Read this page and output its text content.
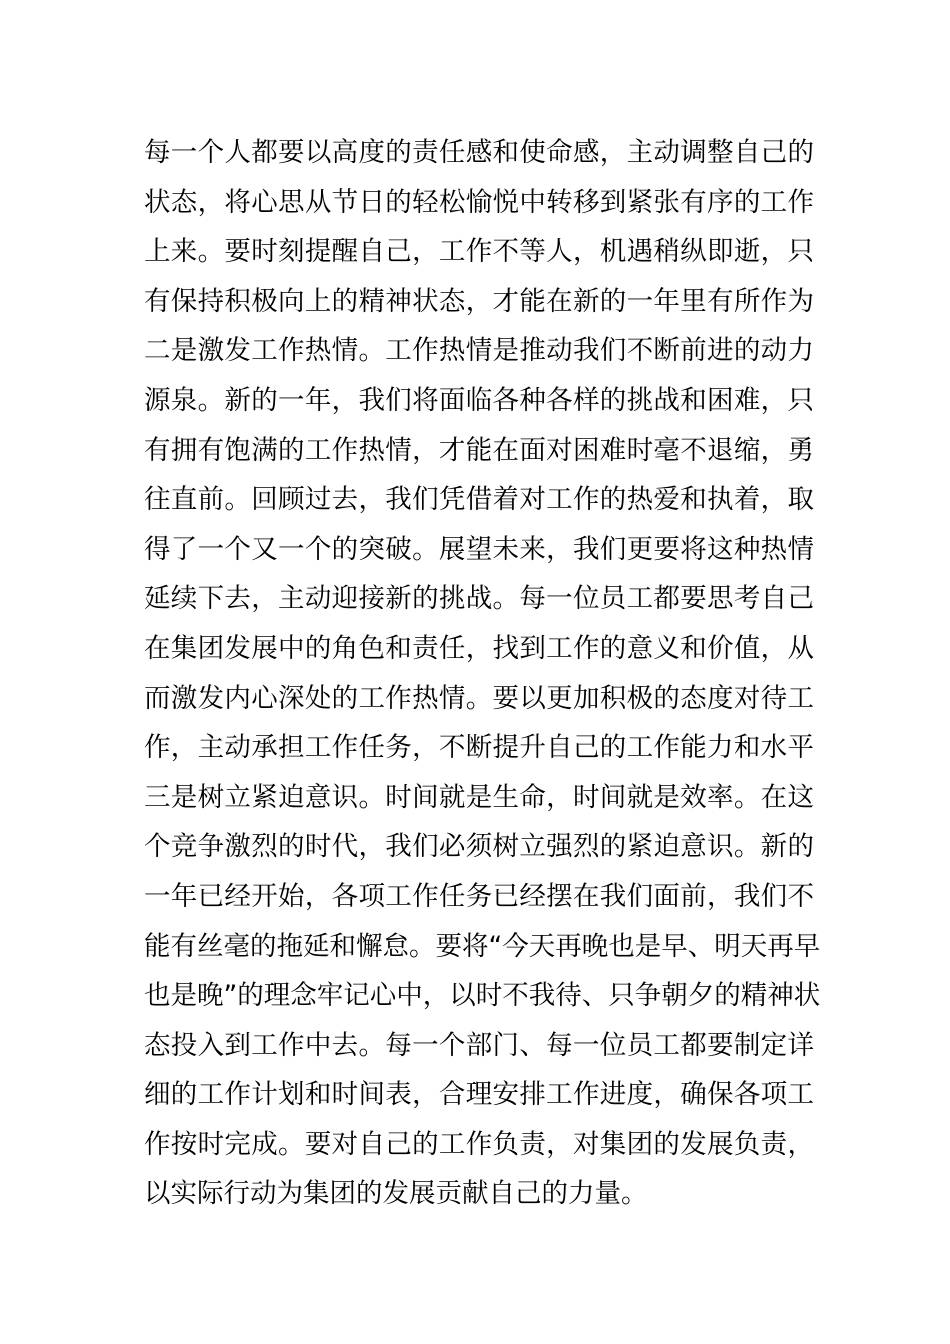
每一个人都要以高度的责任感和使命感，主动调整自己的
状态，将心思从节日的轻松愉悦中转移到紧张有序的工作
上来。要时刻提醒自己，工作不等人，机遇稍纵即逝，只
有保持积极向上的精神状态，才能在新的一年里有所作为
二是激发工作热情。工作热情是推动我们不断前进的动力
源泉。新的一年，我们将面临各种各样的挑战和困难，只
有拥有饱满的工作热情，才能在面对困难时毫不退缩，勇
往直前。回顾过去，我们凭借着对工作的热爱和执着，取
得了一个又一个的突破。展望未来，我们更要将这种热情
延续下去，主动迎接新的挑战。每一位员工都要思考自己
在集团发展中的角色和责任，找到工作的意义和价值，从
而激发内心深处的工作热情。要以更加积极的态度对待工
作，主动承担工作任务，不断提升自己的工作能力和水平
三是树立紧迫意识。时间就是生命，时间就是效率。在这
个竞争激烈的时代，我们必须树立强烈的紧迫意识。新的
一年已经开始，各项工作任务已经摆在我们面前，我们不
能有丝毫的拖延和懈怠。要将“今天再晚也是早、明天再早
也是晚”的理念牢记心中，以时不我待、只争朝夕的精神状
态投入到工作中去。每一个部门、每一位员工都要制定详
细的工作计划和时间表，合理安排工作进度，确保各项工
作按时完成。要对自己的工作负责，对集团的发展负责，
以实际行动为集团的发展贡献自己的力量。
